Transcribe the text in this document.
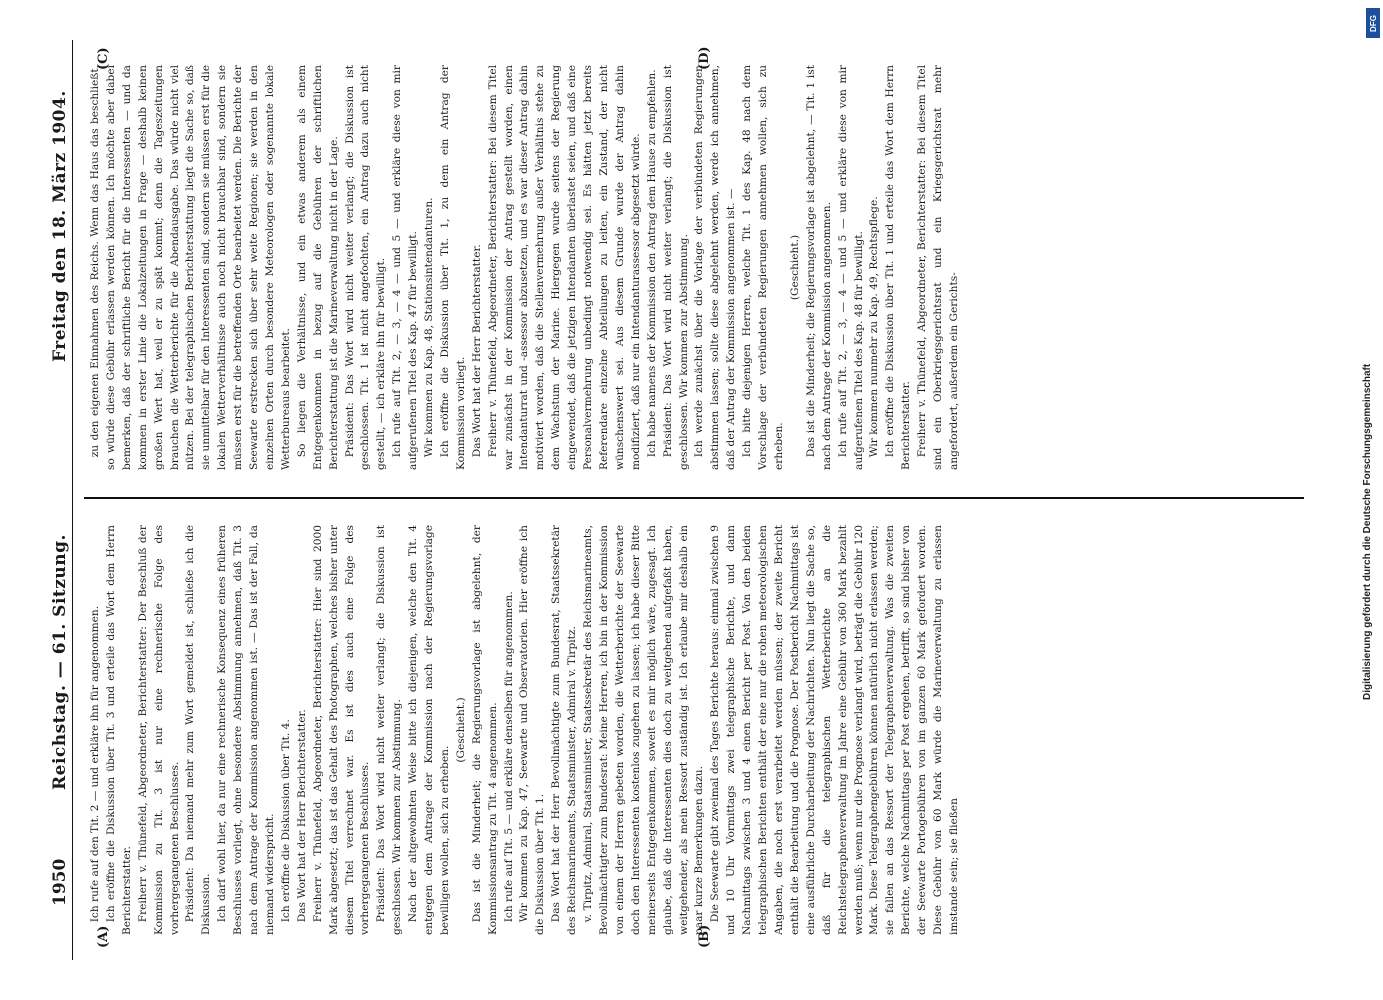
1950
Reichstag. — 61. Sitzung.
Freitag den 18. März 1904.
(A)	(B)
(C)	(D)

Ich rufe auf den Tit. 2 — und erkläre ihn für angenommen. Ich eröffne die Diskussion über Tit. 3 und erteile das Wort dem Herrn Berichterstatter. Freiherr v. Thünefeld, Abgeordneter, Berichterstatter: Der Beschluß der Kommission zu Tit. 3 ist nur eine rechnerische Folge des vorhergegangenen Beschlusses. Präsident: Da niemand mehr zum Wort gemeldet ist, schließe ich die Diskussion. Ich darf wohl hier, da nur eine rechnerische Konsequenz eines früheren Beschlusses vorliegt, ohne besondere Abstimmung annehmen, daß Tit. 3 nach dem Antrage der Kommission angenommen ist. — Das ist der Fall, da niemand widerspricht. Ich eröffne die Diskussion über Tit. 4. Das Wort hat der Herr Berichterstatter. Freiherr v. Thünefeld, Abgeordneter, Berichterstatter: Hier sind 2000 Mark abgesetzt; das ist das Gehalt des Photographen, welches bisher unter diesem Titel verrechnet war. Es ist dies auch eine Folge des vorhergegangenen Beschlusses. Präsident: Das Wort wird nicht weiter verlangt; die Diskussion ist geschlossen. Wir kommen zur Abstimmung. Nach der altgewohnten Weise bitte ich diejenigen, welche den Tit. 4 entgegen dem Antrage der Kommission nach der Regierungsvorlage bewilligen wollen, sich zu erheben.

(Geschieht.) Das ist die Minderheit; die Regierungsvorlage ist abgelehnt, der Kommissionsantrag zu Tit. 4 angenommen. Ich rufe auf Tit. 5 — und erkläre denselben für angenommen. Wir kommen zu Kap. 47, Seewarte und Observatorien. Hier eröffne ich die Diskussion über Tit. 1. Das Wort hat der Herr Bevollmächtigte zum Bundesrat, Staatssekretär des Reichsmarineamts, Staatsminister, Admiral v. Tirpitz. v. Tirpitz, Admiral, Staatsminister, Staatssekretär des Reichsmarineamts, Bevollmächtigter zum Bundesrat: Meine Herren, ich bin in der Kommission von einem der Herren gebeten worden, die Wetterberichte der Seewarte doch den Interessenten kostenlos zugehen zu lassen; ich habe dieser Bitte meinerseits Entgegenkommen, soweit es mir möglich wäre, zugesagt. Ich glaube, daß die Interessenten dies doch zu weitgehend aufgefaßt haben, weitgehender, als mein Ressort zuständig ist. Ich erlaube mir deshalb ein paar kurze Bemerkungen dazu. Die Seewarte gibt zweimal des Tages Berichte heraus: einmal zwischen 9 und 10 Uhr Vormittags zwei telegraphische Berichte, und dann Nachmittags zwischen 3 und 4 einen Bericht per Post. Von den beiden telegraphischen Berichten enthält der eine nur die rohen meteorologischen Angaben, die noch erst verarbeitet werden müssen; der zweite Bericht enthält die Bearbeitung und die Prognose. Der Postbericht Nachmittags ist eine ausführliche Durcharbeitung der Nachrichten. Nun liegt die Sache so, daß für die telegraphischen Wetterberichte an die Reichstelegraphenverwaltung im Jahre eine Gebühr von 360 Mark bezahlt werden muß; wenn nur die Prognose verlangt wird, beträgt die Gebühr 120 Mark. Diese Telegraphengebühren können natürlich nicht erlassen werden; sie fallen an das Ressort der Telegraphenverwaltung. Was die zweiten Berichte, welche Nachmittags per Post ergehen, betrifft, so sind bisher von der Seewarte Portogebühren von im ganzen 60 Mark gefordert worden. Diese Gebühr von 60 Mark würde die Marineverwaltung zu erlassen imstande sein; sie fließen

zu den eigenen Einnahmen des Reichs. Wenn das Haus das beschließt, so würde diese Gebühr erlassen werden können. Ich möchte aber dabei bemerken, daß der schriftliche Bericht für die Interessenten — und da kommen in erster Linie die Lokalzeitungen in Frage — deshalb keinen großen Wert hat, weil er zu spät kommt; denn die Tageszeitungen brauchen die Wetterberichte für die Abendausgabe. Das würde nicht viel nützen. Bei der telegraphischen Berichterstattung liegt die Sache so, daß sie unmittelbar für den Interessenten sind, sondern sie müssen erst für die lokalen Wetterverhältnisse auch noch nicht brauchbar sind, sondern sie müssen erst für die betreffenden Orte bearbeitet werden. Die Berichte der Seewarte erstrecken sich über sehr weite Regionen; sie werden in den einzelnen Orten durch besondere Meteorologen oder sogenannte lokale Wetterbureaus bearbeitet. So liegen die Verhältnisse, und ein etwas anderem als einem Entgegenkommen in bezug auf die Gebühren der schriftlichen Berichterstattung ist die Marineverwaltung nicht in der Lage. Präsident: Das Wort wird nicht weiter verlangt; die Diskussion ist geschlossen. Tit. 1 ist nicht angefochten, ein Antrag dazu auch nicht gestellt, — ich erkläre ihn für bewilligt. Ich rufe auf Tit. 2, — 3, — 4 — und 5 — und erkläre diese von mir aufgerufenen Titel des Kap. 47 für bewilligt. Wir kommen zu Kap. 48, Stationsintendanturen. Ich eröffne die Diskussion über Tit. 1, zu dem ein Antrag der Kommission vorliegt. Das Wort hat der Herr Berichterstatter. Freiherr v. Thünefeld, Abgeordneter, Berichterstatter: Bei diesem Titel war zunächst in der Kommission der Antrag gestellt worden, einen Intendanturrat und -assessor abzusetzen, und es war dieser Antrag dahin motiviert worden, daß die Stellenvermehrung außer Verhältnis stehe zu dem Wachstum der Marine. Hiergegen wurde seitens der Regierung eingewendet, daß die jetzigen Intendanten überlastet seien, und daß eine Personalvermehrung unbedingt notwendig sei. Es hätten jetzt bereits Referendare einzelne Abteilungen zu leiten, ein Zustand, der nicht wünschenswert sei. Aus diesem Grunde wurde der Antrag dahin modifiziert, daß nur ein Intendanturassessor abgesetzt würde. Ich habe namens der Kommission den Antrag dem Hause zu empfehlen. Präsident: Das Wort wird nicht weiter verlangt; die Diskussion ist geschlossen. Wir kommen zur Abstimmung. Ich werde zunächst über die Vorlage der verbündeten Regierungen abstimmen lassen; sollte diese abgelehnt werden, werde ich annehmen, daß der Antrag der Kommission angenommen ist. — Ich bitte diejenigen Herren, welche Tit. 1 des Kap. 48 nach dem Vorschlage der verbündeten Regierungen annehmen wollen, sich zu erheben.

(Geschieht.) Das ist die Minderheit; die Regierungsvorlage ist abgelehnt, — Tit. 1 ist nach dem Antrage der Kommission angenommen. Ich rufe auf Tit. 2, — 3, — 4 — und 5 — und erkläre diese von mir aufgerufenen Titel des Kap. 48 für bewilligt. Wir kommen nunmehr zu Kap. 49, Rechtspflege. Ich eröffne die Diskussion über Tit. 1 und erteile das Wort dem Herrn Berichterstatter. Freiherr v. Thünefeld, Abgeordneter, Berichterstatter: Bei diesem Titel sind ein Oberkriegsgerichtsrat und ein Kriegsgerichtsrat mehr angefordert, außerdem ein Gerichts-	Digitalisierung gefördert durch die Deutsche Forschungsgemeinschaft
DFG
